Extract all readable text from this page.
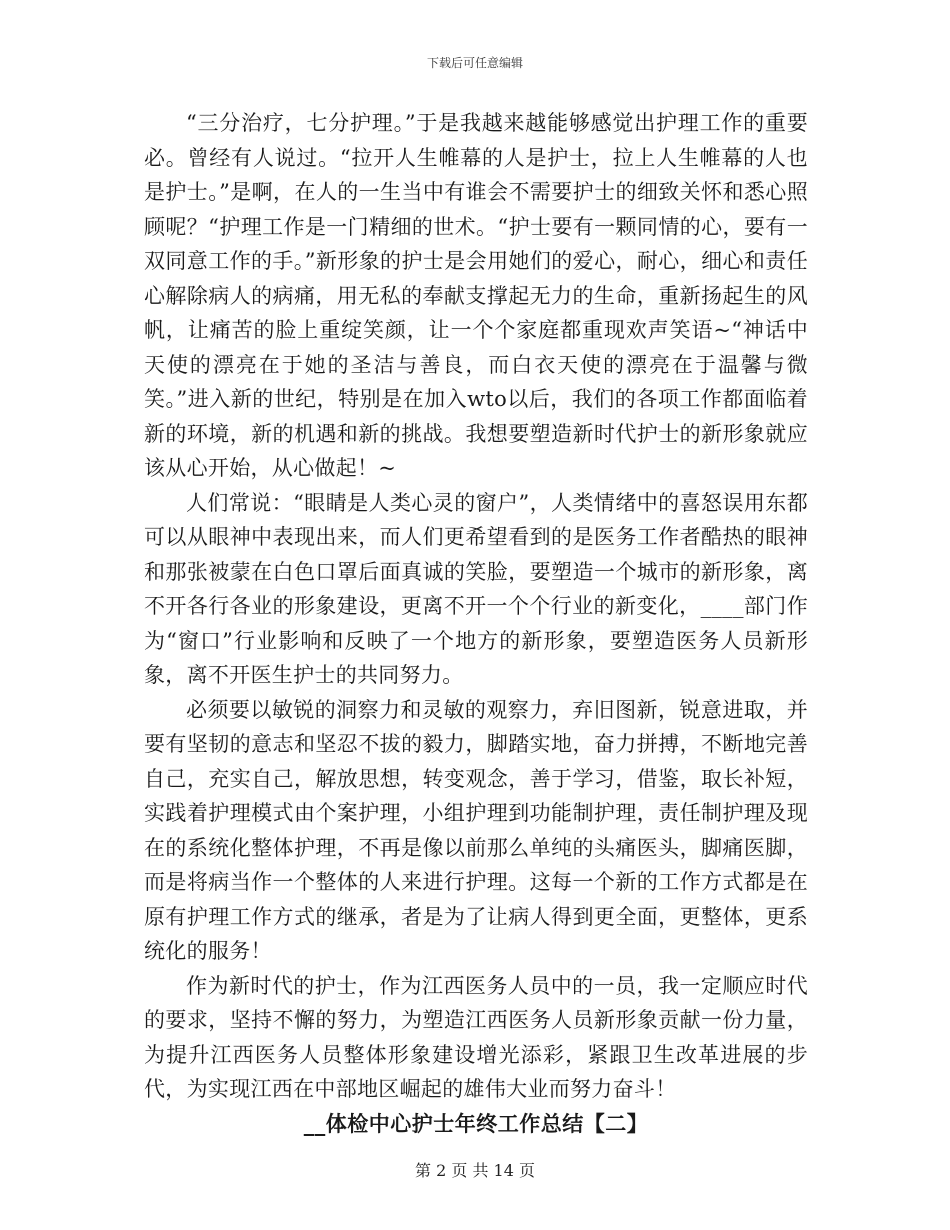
下载后可任意编辑

“三分治疗，七分护理。”于是我越来越能够感觉出护理工作的重要必。曾经有人说过。“拉开人生帷幕的人是护士，拉上人生帷幕的人也是护士。”是啊，在人的一生当中有谁会不需要护士的细致关怀和悉心照顾呢？“护理工作是一门精细的世术。“护士要有一颗同情的心，要有一双同意工作的手。”新形象的护士是会用她们的爱心，耐心，细心和责任心解除病人的病痛，用无私的奉献支撑起无力的生命，重新扬起生的风帆，让痛苦的脸上重绽笑颜，让一个个家庭都重现欢声笑语~“神话中天使的漂亮在于她的圣洁与善良，而白衣天使的漂亮在于温馨与微笑。”进入新的世纪，特别是在加入wto以后，我们的各项工作都面临着新的环境，新的机遇和新的挑战。我想要塑造新时代护士的新形象就应该从心开始，从心做起！~

人们常说：“眼睛是人类心灵的窗户”，人类情绪中的喜怒误用东都可以从眼神中表现出来，而人们更希望看到的是医务工作者酷热的眼神和那张被蒙在白色口罩后面真诚的笑脸，要塑造一个城市的新形象，离不开各行各业的形象建设，更离不开一个个行业的新变化，____部门作为“窗口”行业影响和反映了一个地方的新形象，要塑造医务人员新形象，离不开医生护士的共同努力。

必须要以敏锐的洞察力和灵敏的观察力，弃旧图新，锐意进取，并要有坚韧的意志和坚忍不拔的毅力，脚踏实地，奋力拼搏，不断地完善自己，充实自己，解放思想，转变观念，善于学习，借鉴，取长补短，实践着护理模式由个案护理，小组护理到功能制护理，责任制护理及现在的系统化整体护理，不再是像以前那么单纯的头痛医头，脚痛医脚，而是将病当作一个整体的人来进行护理。这每一个新的工作方式都是在原有护理工作方式的继承，者是为了让病人得到更全面，更整体，更系统化的服务！

作为新时代的护士，作为江西医务人员中的一员，我一定顺应时代的要求，坚持不懈的努力，为塑造江西医务人员新形象贡献一份力量，为提升江西医务人员整体形象建设增光添彩，紧跟卫生改革进展的步代，为实现江西在中部地区崛起的雄伟大业而努力奋斗！

__体检中心护士年终工作总结【二】

第 2 页 共 14 页
